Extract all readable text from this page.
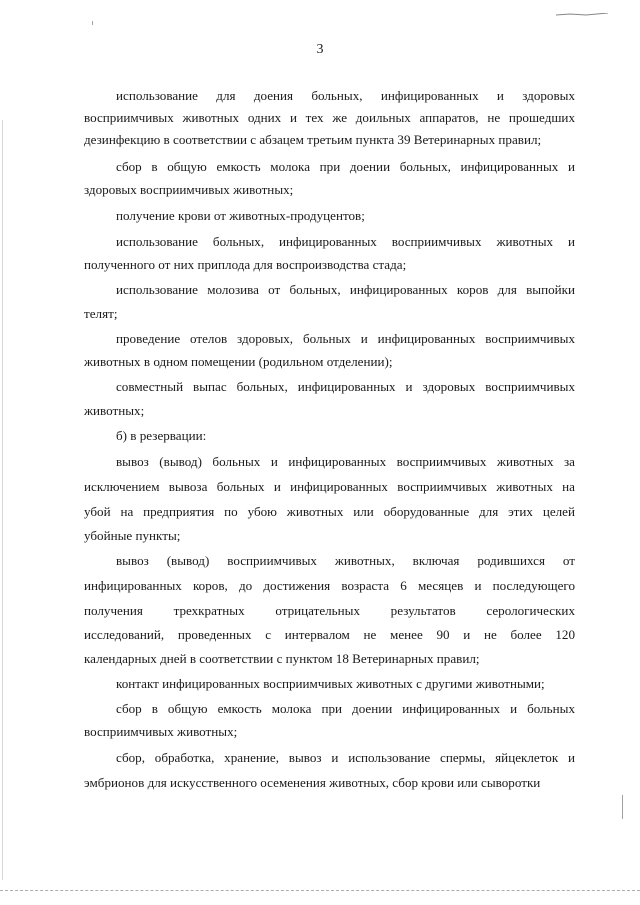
3
использование для доения больных, инфицированных и здоровых
восприимчивых животных одних и тех же доильных аппаратов, не прошедших
дезинфекцию в соответствии с абзацем третьим пункта 39 Ветеринарных правил;
сбор в общую емкость молока при доении больных, инфицированных и
здоровых восприимчивых животных;
получение крови от животных-продуцентов;
использование больных, инфицированных восприимчивых животных и
полученного от них приплода для воспроизводства стада;
использование молозива от больных, инфицированных коров для выпойки
телят;
проведение отелов здоровых, больных и инфицированных восприимчивых
животных в одном помещении (родильном отделении);
совместный выпас больных, инфицированных и здоровых восприимчивых
животных;
б) в резервации:
вывоз (вывод) больных и инфицированных восприимчивых животных за
исключением вывоза больных и инфицированных восприимчивых животных на
убой на предприятия по убою животных или оборудованные для этих целей
убойные пункты;
вывоз (вывод) восприимчивых животных, включая родившихся от
инфицированных коров, до достижения возраста 6 месяцев и последующего
получения трехкратных отрицательных результатов серологических
исследований, проведенных с интервалом не менее 90 и не более 120
календарных дней в соответствии с пунктом 18 Ветеринарных правил;
контакт инфицированных восприимчивых животных с другими животными;
сбор в общую емкость молока при доении инфицированных и больных
восприимчивых животных;
сбор, обработка, хранение, вывоз и использование спермы, яйцеклеток и
эмбрионов для искусственного осеменения животных, сбор крови или сыворотки
